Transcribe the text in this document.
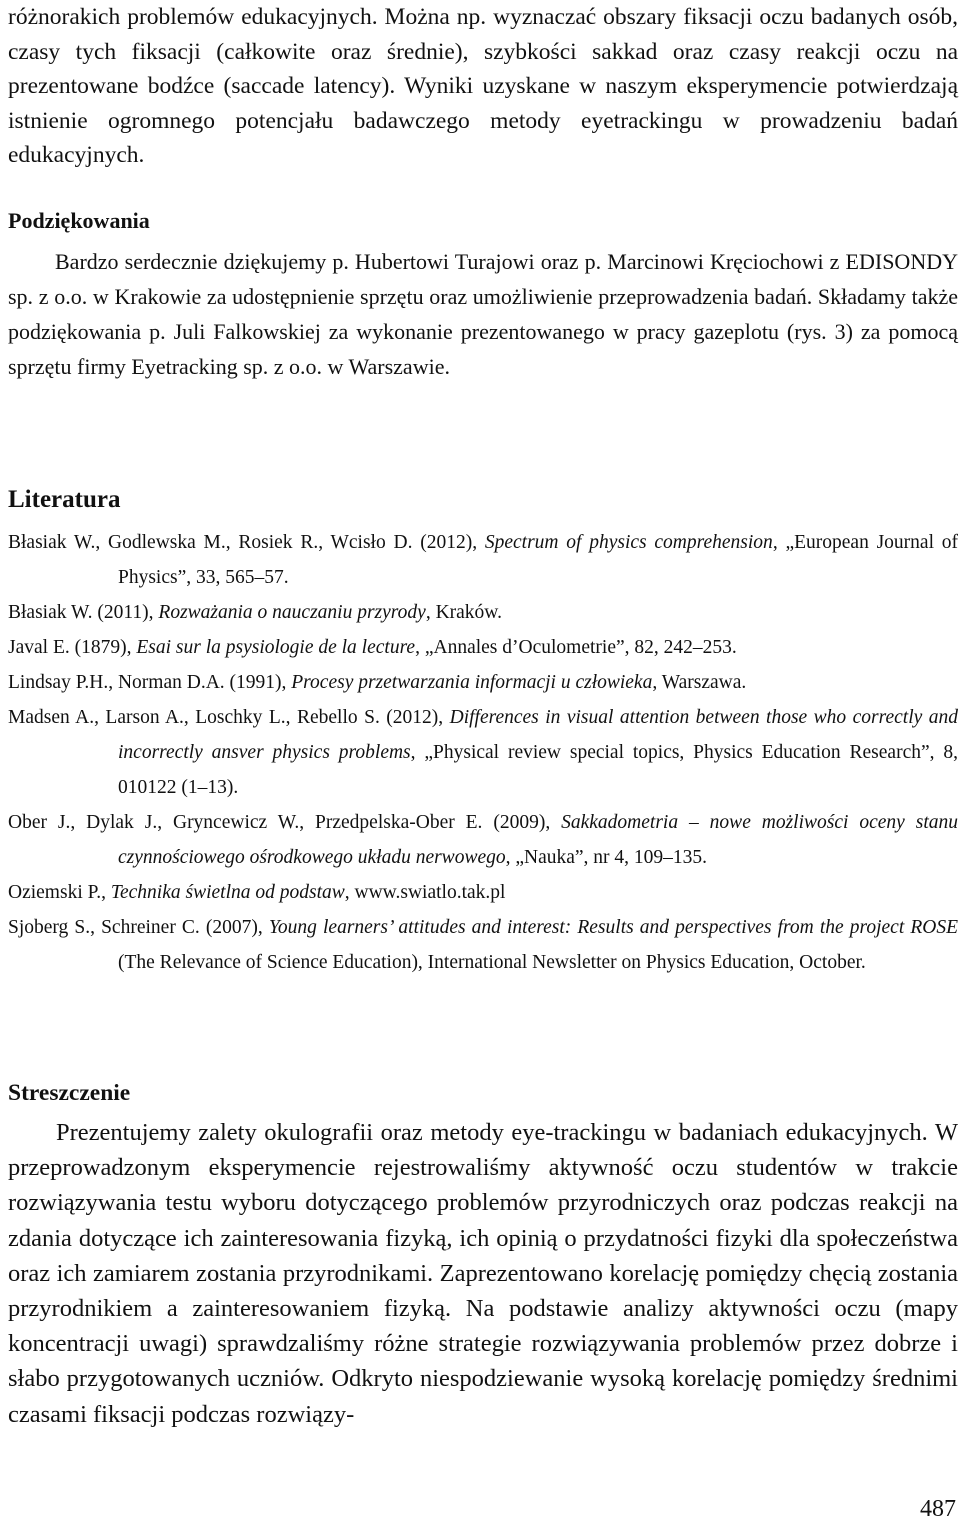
różnorakich problemów edukacyjnych. Można np. wyznaczać obszary fiksacji oczu badanych osób, czasy tych fiksacji (całkowite oraz średnie), szybkości sakkad oraz czasy reakcji oczu na prezentowane bodźce (saccade latency). Wyniki uzyskane w naszym eksperymencie potwierdzają istnienie ogromnego potencjału badawczego metody eyetrackingu w prowadzeniu badań edukacyjnych.

Podziękowania

Bardzo serdecznie dziękujemy p. Hubertowi Turajowi oraz p. Marcinowi Kręciochowi z EDISONDY sp. z o.o. w Krakowie za udostępnienie sprzętu oraz umożliwienie przeprowadzenia badań. Składamy także podziękowania p. Juli Falkowskiej za wykonanie prezentowanego w pracy gazeplotu (rys. 3) za pomocą sprzętu firmy Eyetracking sp. z o.o. w Warszawie.

Literatura

Błasiak W., Godlewska M., Rosiek R., Wcisło D. (2012), Spectrum of physics comprehension, „European Journal of Physics”, 33, 565–57.

Błasiak W. (2011), Rozważania o nauczaniu przyrody, Kraków.

Javal E. (1879), Esai sur la psysiologie de la lecture, „Annales d’Oculometrie”, 82, 242–253.

Lindsay P.H., Norman D.A. (1991), Procesy przetwarzania informacji u człowieka, Warszawa.

Madsen A., Larson A., Loschky L., Rebello S. (2012), Differences in visual attention between those who correctly and incorrectly ansver physics problems, „Physical review special topics, Physics Education Research”, 8, 010122 (1–13).

Ober J., Dylak J., Gryncewicz W., Przedpelska-Ober E. (2009), Sakkadometria – nowe możliwości oceny stanu czynnościowego ośrodkowego układu nerwowego, „Nauka”, nr 4, 109–135.

Oziemski P., Technika świetlna od podstaw, www.swiatlo.tak.pl

Sjoberg S., Schreiner C. (2007), Young learners’ attitudes and interest: Results and perspectives from the project ROSE (The Relevance of Science Education), International Newsletter on Physics Education, October.

Streszczenie

Prezentujemy zalety okulografii oraz metody eye-trackingu w badaniach edukacyjnych. W przeprowadzonym eksperymencie rejestrowaliśmy aktywność oczu studentów w trakcie rozwiązywania testu wyboru dotyczącego problemów przyrodniczych oraz podczas reakcji na zdania dotyczące ich zainteresowania fizyką, ich opinią o przydatności fizyki dla społeczeństwa oraz ich zamiarem zostania przyrodnikami. Zaprezentowano korelację pomiędzy chęcią zostania przyrodnikiem a zainteresowaniem fizyką. Na podstawie analizy aktywności oczu (mapy koncentracji uwagi) sprawdzaliśmy różne strategie rozwiązywania problemów przez dobrze i słabo przygotowanych uczniów. Odkryto niespodziewanie wysoką korelację pomiędzy średnimi czasami fiksacji podczas rozwiązy-

487
